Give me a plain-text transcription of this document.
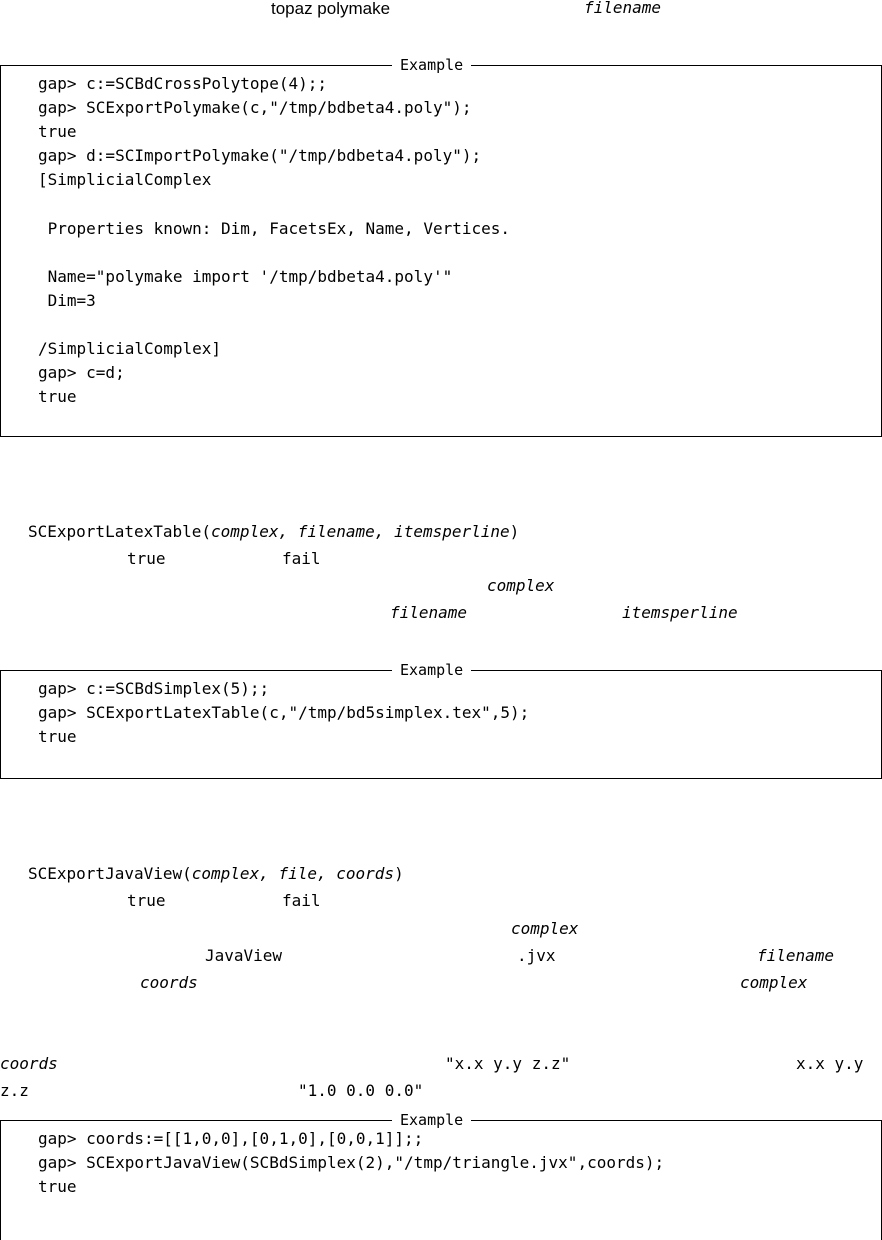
topaz polymake	filename
Example
gap> c:=SCBdCrossPolytope(4);;
gap> SCExportPolymake(c,"/tmp/bdbeta4.poly");
true
gap> d:=SCImportPolymake("/tmp/bdbeta4.poly");
[SimplicialComplex

Properties known: Dim, FacetsEx, Name, Vertices.

Name="polymake import '/tmp/bdbeta4.poly'"
Dim=3

/SimplicialComplex]
gap> c=d;
true
SCExportLatexTable(complex, filename, itemsperline)
true	fail
complex
filename	itemsperline
Example
gap> c:=SCBdSimplex(5);;
gap> SCExportLatexTable(c,"/tmp/bd5simplex.tex",5);
true
SCExportJavaView(complex, file, coords)
true	fail
complex
JavaView	.jvx	filename
coords	complex
coords	"x.x y.y z.z"	x.x y.y
z.z	"1.0 0.0 0.0"
Example
gap> coords:=[[1,0,0],[0,1,0],[0,0,1]];;
gap> SCExportJavaView(SCBdSimplex(2),"/tmp/triangle.jvx",coords);
true
